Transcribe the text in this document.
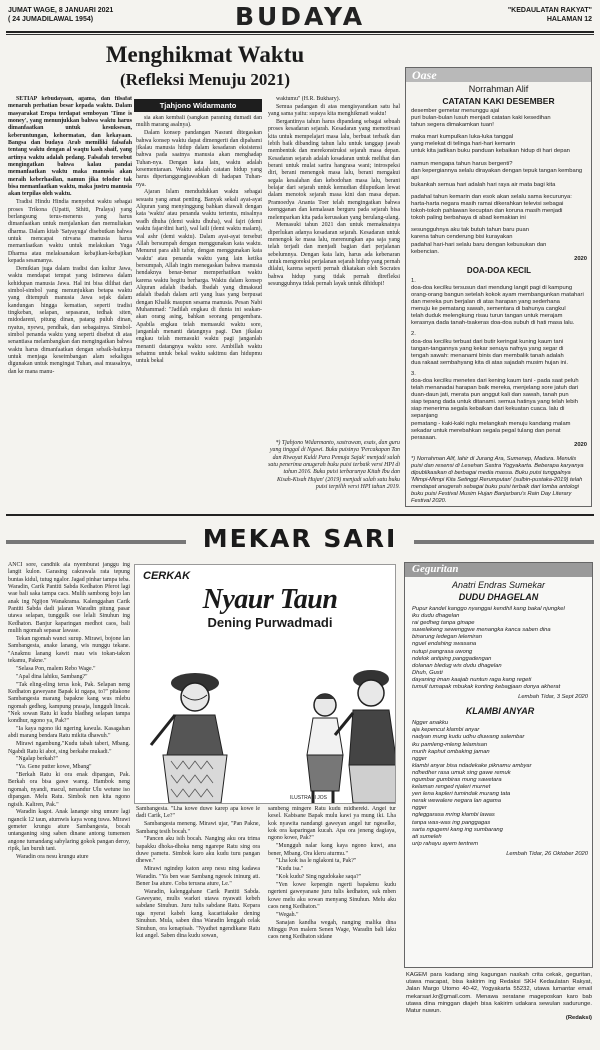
JUMAT WAGE, 8 JANUARI 2021
( 24 JUMADILAWAL 1954)	BUDAYA	"KEDAULATAN RAKYAT"
HALAMAN 12
Menghikmat Waktu
(Refleksi Menuju 2021)
Tjahjono Widarmanto

SETIAP kebudayaan, agama, dan filsafat menaruh perhatian besar kepada waktu. Dalam masyarakat Eropa terdapat semboyan 'Time is money', yang menunjukkan bahwa waktu harus dimanfaatkan untuk kesuksesan, keberuntungan, kehormatan, dan kekayaan. Bangsa dan budaya Arab memiliki falsafah tentang waktu dengan al waqtu kash shaif, yang artinya waktu adalah pedang. Falsafah tersebut mengingatkan bahwa kalau pandai memanfaatkan waktu maka manusia akan meraih keberhasilan, namun jika telodor tak bisa memanfaatkan waktu, maka justru manusia akan terpilas oleh waktu.

Tradisi Hindu Hindia menyebut waktu sebagai proses Trikona (Upatti, Sthiti, Pralaya) yang berlangsung terus-menerus yang harus dimanfaatkan untuk menjalankan dan memuliakan dharma. Dalam kitab 'Satyayuga' disebutkan bahwa untuk mencapai nirvana manusia harus memanfaatkan waktu untuk melakukan Yuga Dharma atau melaksanakan kebajikan-kebajikan kepada sesamanya.

Demikian juga dalam tradisi dan kultur Jawa, waktu mendapat tempat yang istimewa dalam kehidupan manusia Jawa. Hal ini bisa dilihat dari simbol-simbol yang menunjukkan betapa waktu yang ditempuh manusia Jawa sejak dalam kandungan hingga kematian, seperti tradisi tingkeban, selapan, sepasaran, tedhak siten, midodareni, pitung dinan, patang puluh dinan, nyatus, nyewu, pendhak, dan sebagainya. Simbol-simbol penanda waktu yang seperti disebut di atas senantiasa melambangkan dan mengingatkan bahwa waktu harus dimanfaatkan dengan sebaik-baiknya untuk menjaga keseimbangan alam sekaligus digunakan untuk mengingat Tuhan, asal muasalnya, dan ke mana manu-

sia akan kembali (sangkan paraning dumadi dan mulih marang asalnya).

Dalam konsep pandangan Nasrani ditegaskan bahwa konsep waktu dapat dimengerti dan dipahami jikalau manusia hidup dalam kesadaran eksistensi bahwa pada saatnya manusia akan menghadap Tuhan-nya. Dengan kata lain, waktu adalah kesementaraan. Waktu adalah catatan hidup yang harus dipertanggungjawabkan di hadapan Tuhan-nya.

Ajaran Islam mendudukkan waktu sebagai sesuatu yang amat penting. Banyak sekali ayat-ayat Alquran yang menyinggung bahkan diawali dengan kata 'waktu' atau penanda waktu tertentu, misalnya wadh dhuha (demi waktu dhuha), wal fajri (demi waktu fajar/dini hari), wal laili (demi waktu malam), wal ashr (demi waktu). Dalam ayat-ayat tersebut Allah bersumpah dengan menggunakan kata waktu. Menurut para ahli tafsir, dengan menggunakan kata 'waktu' atau penanda waktu yang lain ketika bersumpah, Allah ingin menegaskan bahwa manusia hendaknya benar-benar memperhatikan waktu karena waktu begitu berharga. Waktu dalam konsep Alquran adalah ibadah. Ibadah yang dimaksud adalah ibadah dalam arti yang luas yang berpusat dengan Khalik maupun sesama manusia. Pesan Nabi Muhammad: "Jadilah engkau di dunia ini seakan-akan orang asing, bahkan seorang pengembara. Apabila engkau telah memasuki waktu sore, janganlah menanti datangnya pagi. Dan jikalau engkau telah memasuki waktu pagi janganlah menanti datangnya waktu sore. Ambillah waktu sehatmu untuk bekal waktu sakitmu dan hidupmu untuk bekal

waktumu" (H.R. Bukhary).

Semua padangan di atas mengisyaratkan satu hal yang sama yaitu: supaya kita menghikmati waktu!

Bergantinya tahun harus dipandang sebagai sebuah proses kesadaran sejarah. Kesadaran yang memotivasi kita untuk mempelajari masa lalu, berbuat terbaik dan lebih baik dibanding tahun lalu untuk tanggap jawab membentuk dan merekonstruksi sejarah masa depan. Kesadaran sejarah adalah kesadaran untuk melihat dan berani untuk mulat sarira hangrasa wani; introspeksi diri, berani menengok masa lalu, berani mengakui segala kesalahan dan kebodohan masa lalu, berani belajar dari sejarah untuk kemudian diluputkan lewat dalam menotok sejarah masa kini dan masa depan. Pramoedya Ananta Toer telah mengingatkan bahwa keengganan dan kemalasan berguru pada sejarah bisa melemparkan kita pada kerusakan yang berulang-ulang.

Memasuki tahun 2021 dan untuk memaknainya diperlukan adanya kesadaran sejarah. Kesadaran untuk menengok ke masa lalu, merenungkan apa saja yang telah terjadi dan menjadi bagian dari perjalanan sebelumnya. Dengan kata lain, harus ada kebenaran untuk mengoreksi perjalanan sejarah hidup yang pernah dilalui, karena seperti pernah dikatakan oleh Socrates bahwa hidup yang tidak pernah direfleksi sesungguhnya tidak pernah layak untuk dihidupi!

*) Tjahjono Widarmanto, sastrawan, esais, dan guru yang tinggal di Ngawi. Buku puisinya 'Percakapan Tan dan Riwayat Kuldi Para Pemuja Sajak' menjadi salah satu penerima anugerah buku puisi terbaik versi HPI di tahun 2016. Buku puisi terbarunya Kitab Ibu dan Kisah-Kisah Hujan' (2019) menjadi salah satu buku puisi terpilih versi HPI tahun 2019.
Oase
Norrahman Alif
CATATAN KAKI DESEMBER
desember gemetar menunggu ajal
puri bulan-bulan lusuh menjadi catatan kaki kesedihan
tahun segera dimakamkan tuan!
maka mari kumpulkan luka-luka tanggal
yang melekat di telinga hari-hari kemarin
untuk kita jadikan buku panduan kebaikan hidup di hari depan
namun mengapa tahun harus bergenti?
dan kepergiannya selalu dirayakan dengan tepuk tangan kembang api
bukankah semua hari adalah hari raya air mata bagi kita
padahal tahun kemarin dan esok akan selalu sama kecurunya:
harta-harta negara masih ramai dikerahkan televisi sebagai
tokoh-tokoh pahlawan kecuptan dan koruna masih menjadi
tokoh paling berbahaya di abad kemakian ini
sesungguhnya aku tak butuh tahun baru puan
karena tahun cenderung bisi kurayakan
padahal hari-hari selalu baru dengan kebusukan dan
kebencian.
2020
DOA-DOA KECIL
1.
doa-doa kecilku tersusun dari mendung langit pagi di kampung
orang-orang bangun setelah kokok ayam membangunkan matahari
dan mereka pun berjalan di atas harapan yang sederhana
menuju ke pematang sawah, sementara di bahunya cangkul
telah duduk melengkung risau turun tangan untuk merajam
kerasnya dada tanah-tsakeras doa-doa subuh di hati masa lalu.
2.
doa-doa kecilku terbuat dari butir keringat kuning kaum tani
tangan-tangannya yang kekar senuya nafnya yang segar di
tengah sawah: menanami binis dan membalik tanah adalah
dua rakaat sembahyang kita di atas sajadah musim hujan ini.
3.
doa-doa kecilku menetes dari kening kaum tani - pada saat peluh
telah menanadai harapan baik mereka, menjelang sore jatuh dari
duan-daun jati, merata pun anggut kali dan sawah, tanah pun
siap tepang dada untuk ditanami. semua hatinya yang telah lebih
siap menerima segala kebaikan dari kekuatan cuaca. lalu di sepanjang
pematang - kaki-kaki nglu melangkah menuju kandang malam
sekadar untuk merebahkan segala pegal tulang dan penat perasaan.
2020
*) Norrahman Alif, lahir di Jurang Ara, Sumenep, Madura. Menulis puisi dan resensi di Lesehan Sastra Yogyakarta. Beberapa karyanya dipublikasikan di berbagai media massa. Buku puisi tunggalnya 'Mimpi-Mimpi Kita Setinggi Rerumputan' (sulbin-pustaka-2019) telah mendapat anugerah sebagai buku puisi terbaik dari lomba antologi buku puisi Festival Musim Hujan Banjarbaru's Rain Day Literary Festival 2020.
MEKAR SARI

ANCI sore, candhik ala nyemburat janggu ing langit kulon. Garasing cakrawala rata tepung buntas kidul, tutug ngalor. Jagad pinhar tampa teba. Waradin, Carik Pantiti Sabda Kedhaton Pferot lagi wae bali saka tampa cacs. Mulih sambong bojo lan anak ing Ngijon Wanakrama. Kalenggahan Carik Pantiti Sabda dadi jalaran Waradin pitung pasar utawa selapan, tunggulk ose lelali Sinuhun ing Kedhaton. Banjur kaparingan medhot caos, bali mulih ngomah sepasar lawase.

Tekan ngomah wanci surup. Mirawi, bojone lan Sambangesta, anake lanang, wis nunggu tekane. "Anakmu lanang kawit mau wis tokan-takon tekamu, Pakne."

"Selasa Pon, malem Rebo Wage."

"Apal dina lahiku, Sambang?"

"Tak eling-eling terus kok, Pak. Selapan neng Kedhaton gaweyane Bapak ki ngapa, to?" pitakone Sambangesta marang bapakne kang wus mlebu ngomah gedheg, kampung prasaja, lungguh lincak. "Nek sowan Ratu ki kudu bladheg selapan tampa kondhur, ngono ya, Pak?"

"Ia kaya ngono iki ngering kawula. Kasagahan abdi marang bendara Ratu mikita dhawuh."

Mirawi ngambung."Kudu tabah taberi, Mbang. Ngabdi Ratu ki abot, sing berkahe mukadi."

"Ngalap berkah?"

"Ya. Gene putter kowe, Mbang"

"Berkah Ratu ki ora enak dipangan, Pak. Berkah ora bisa gawe wareg. Hambok neng ngomah, nyandi, macul, nenandur Ulu wetune iso dipangan. Melu Ratu. Simbok nen kita ngono ngisih. Kaliren, Pak."

Waradin kagot. Anak lanange sing umure lagi ngancik 12 taun, aturnwis kaya wong tuwa. Mirawi gemeter krungu ature Sambangesta, bocah untanganing sing saben dinane antong tumemen angone tumandang sabylaring gokok pangan deroy, ripik, lan buruh tani.

Waradin ora nesu krungu ature

CERKAK
Nyaur Taun
Dening Purwadmadi
ILUSTRASI JOS

Sambangesta. "Lha kowe duwe karep apa kowe le dadi Carik, Le?"

Sambangesta meneng. Mirawi ujar, "Pan Pakne, Sambang tesih bocah."

"Pancen aku isih bocah. Nanging aku ora trima bapakku dhoka-dhoka neng ngarepe Ratu sing ora duwe pametu. Simbok karo aku kudu turu pangan dhewe."

Mirawi ngindep katon arep nesu ning kadawa Waradin. "Ya ben wae Sambang ngesok ininurg ati. Bener Isa ature. Coba terusna ature, Le."

Waradin, kalenggahane Carik Pantiti Sabda. Gaweyane, mulis warket utawa nyawati kebeh sabdane Sinuhun. Juru tulis sabdane Ratu. Kepara uga nyerat kabeh kang kacaritakake dening Sinuhun. Mula, saben dina Waradin lenggah celak Sinuhun, ora kenapisah. "Nyathet ngendikane Ratu kui angel. Saben dina kudu sowan,

sambeng mingere Ratu kudu midhereki. Angel tur kesel. Kabisane Bapak mulu kawi ya mung iki. Lha kok nyawita nandangi gaweyan angel tur ngeselke, kok ora kaparingan kucah. Apa ora jeneng dagiaya, ngono kowe, Pak?"

"Mungguh nalar kang kaya ngono kuwi, ana bener, Mbang. Ora kleru aturmu."

"Lha kok isa le nglakoni ta, Pak?"

"Kudu isa."

"Kok kudu? Sing ngudokake saqa?"

"Yen kowe kepengin ngerti bapakmu kudu ngerteni gaweyanane juru tulis kedhaton, suk mben kowe melu aku sowan menyang Sinuhun. Melu aku caos neng Kedhaton."

"Wegah."

Sanajan kandha wegah, nanging malika dina Minggu Pon malem Senen Wage, Waradin bali laku caos neng Kedhaton sidane

Geguritan
Anatri Endras Sumekar
DUDU DHAGELAN
Pupur kandel kanggo nyanggai kendhil kang bakal njungkel
iku dudu dhagelan
rai gedheg tanpa ginape
suwelekeng sewenggwe menangka kanca saben dina
binarung ledegan lelemiran
nguel endahing swasana
nutupi pangrasa uwong
ndelok antiping panggadengan
dolanan bledug wis dudu dhagelan
Dhuh, Gusti
dayaning iman kaajab nuntun raga kang regeti
tumuli tumapak mbukak konting kebagjaan donya akherat
Lembah Tidar, 3 Sept 2020
KLAMBI ANYAR
Ngger anakku
aja kepencut klambi anyar
nadyan mung kudu udhu diuwang salembar
iku pamleng-mleng lelamisan
murih kaphut ombaking jaman
ngger
klambi anyar bisa ndadekake piknamu ambyar
ndhedher rasa umuk sing gawe remuk
ngumbar gumbiras mung sawetara
kelaman renged njaleri murnet
yen lena kapleri tumindak murang tata
nerak wewalere negara lan agama
ngger
ngleggarasa mring klambi lawas
tanpa was-was ing panggagas
sarta ngugemi kang ing sumbarang
ati sumeleh
urip rahayu ayem tentrem
Lembah Tidar, 26 Oktober 2020
KAGEM para kadang sing kagungan naskah crita cekak, geguritan, utawa macapat, bisa kakirim ing Redaksi SKH Kedaulatan Rakyat, Jalan Margo Utomo 40-42, Yogyakarta 55232, utawa lumantar email mekarsari.kr@gmail.com. Menawa seratane mageposkan karo bab utawa dina minggan diajeh bisa kakirim udakara sewulan sadurunge. Matur nuwun.
(Redaksi)
